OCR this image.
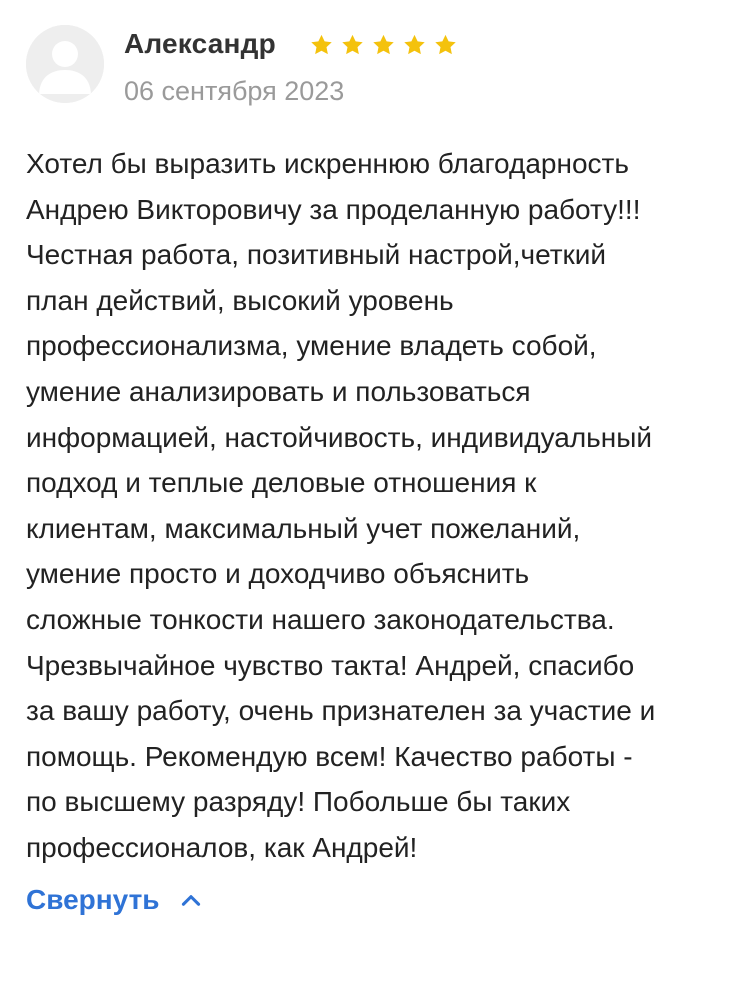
Александр
06 сентября 2023
Хотел бы выразить искреннюю благодарность
Андрею Викторовичу за проделанную работу!!!
Честная работа, позитивный настрой,четкий
план действий, высокий уровень
профессионализма, умение владеть собой,
умение анализировать и пользоваться
информацией, настойчивость, индивидуальный
подход и теплые деловые отношения к
клиентам, максимальный учет пожеланий,
умение просто и доходчиво объяснить
сложные тонкости нашего законодательства.
Чрезвычайное чувство такта! Андрей, спасибо
за вашу работу, очень признателен за участие и
помощь. Рекомендую всем! Качество работы -
по высшему разряду! Побольше бы таких
профессионалов, как Андрей!
Свернуть
